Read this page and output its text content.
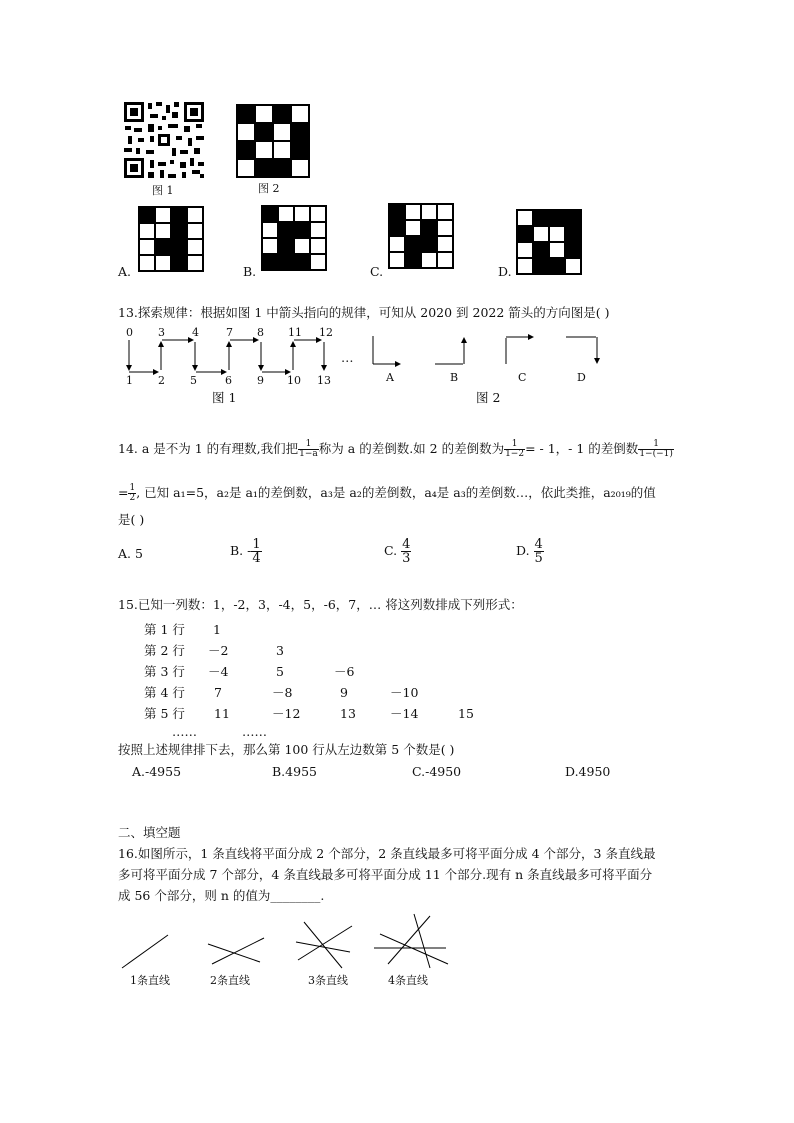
图 1	图 2
A.	B.	C.	D.
13.探索规律：根据如图 1 中箭头指向的规律，可知从 2020 到 2022 箭头的方向图是( )
0 3 4 7 8 11 12
1 2 5	6 9 10 13
…
图 1
A	B	C	D
图 2
14. a 是不为 1 的有理数,我们把 $\frac{1}{1-a}$ 称为 a 的差倒数.如 2 的差倒数为 $\frac{1}{1-2}$ = - 1，- 1 的差倒数 $\frac{1}{1-(-1)}$
= $\frac{1}{2}$ , 已知 a₁=5，a₂是 a₁的差倒数，a₃是 a₂的差倒数，a₄是 a₃的差倒数…，依此类推，a₂₀₁₉的值
是( )
A. 5	B. - $\frac{1}{4}$	C. $\frac{4}{3}$	D. $\frac{4}{5}$
15.已知一列数：1，-2，3，-4，5，-6，7，… 将这列数排成下列形式：
第 1 行 1
第 2 行 －2	3
第 3 行 －4	5	－6
第 4 行 7	－8	9	－10
第 5 行 11	－12	13	－14	15
……	……
按照上述规律排下去，那么第 100 行从左边数第 5 个数是( )
A.-4955	B.4955	C.-4950	D.4950
二、填空题
16.如图所示，1 条直线将平面分成 2 个部分，2 条直线最多可将平面分成 4 个部分，3 条直线最
多可将平面分成 7 个部分，4 条直线最多可将平面分成 11 个部分.现有 n 条直线最多可将平面分
成 56 个部分，则 n 的值为________.
1条直线	2条直线	3条直线	4条直线
